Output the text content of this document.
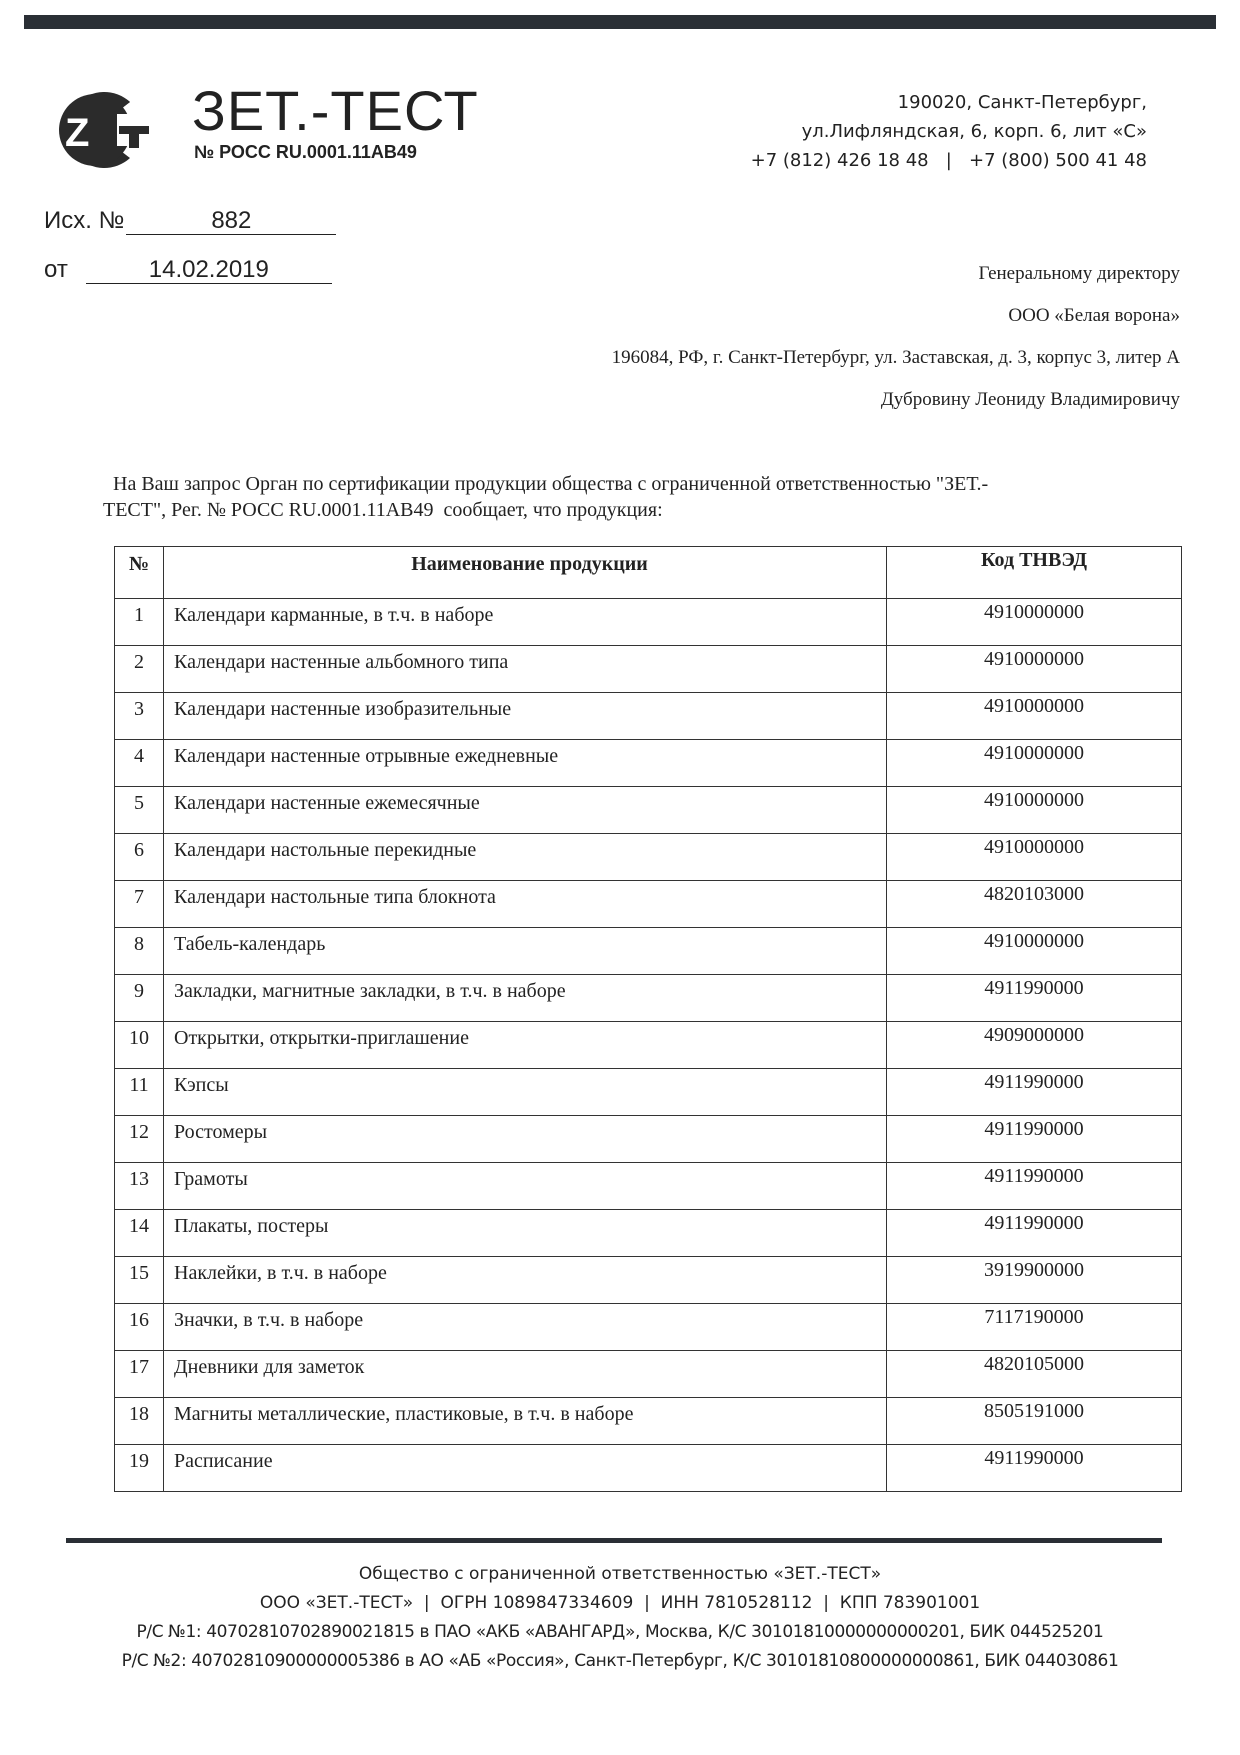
Z ЗЕТ.-ТЕСТ
№ РОСС RU.0001.11АВ49
190020, Санкт-Петербург,
ул.Лифляндская, 6, корп. 6, лит «С»
+7 (812) 426 18 48   |   +7 (800) 500 41 48
Исх. №	882
от	14.02.2019	Генеральному директору
ООО «Белая ворона»
196084, РФ, г. Санкт-Петербург, ул. Заставская, д. 3, корпус 3, литер А
Дубровину Леониду Владимировичу
На Ваш запрос Орган по сертификации продукции общества с ограниченной ответственностью "ЗЕТ.-
ТЕСТ", Рег. № РОСС RU.0001.11АВ49  сообщает, что продукция:
№	Наименование продукции	Код ТНВЭД
1	Календари карманные, в т.ч. в наборе	4910000000
2	Календари настенные альбомного типа	4910000000
3	Календари настенные изобразительные	4910000000
4	Календари настенные отрывные ежедневные	4910000000
5	Календари настенные ежемесячные	4910000000
6	Календари настольные перекидные	4910000000
7	Календари настольные типа блокнота	4820103000
8	Табель-календарь	4910000000
9	Закладки, магнитные закладки, в т.ч. в наборе	4911990000
10	Открытки, открытки-приглашение	4909000000
11	Кэпсы	4911990000
12	Ростомеры	4911990000
13	Грамоты	4911990000
14	Плакаты, постеры	4911990000
15	Наклейки, в т.ч. в наборе	3919900000
16	Значки, в т.ч. в наборе	7117190000
17	Дневники для заметок	4820105000
18	Магниты металлические, пластиковые, в т.ч. в наборе	8505191000
19	Расписание	4911990000
Общество с ограниченной ответственностью «ЗЕТ.-ТЕСТ»
ООО «ЗЕТ.-ТЕСТ»  |  ОГРН 1089847334609  |  ИНН 7810528112  |  КПП 783901001
Р/С №1: 40702810702890021815 в ПАО «АКБ «АВАНГАРД», Москва, К/С 30101810000000000201, БИК 044525201
Р/С №2: 40702810900000005386 в АО «АБ «Россия», Санкт-Петербург, К/С 30101810800000000861, БИК 044030861
